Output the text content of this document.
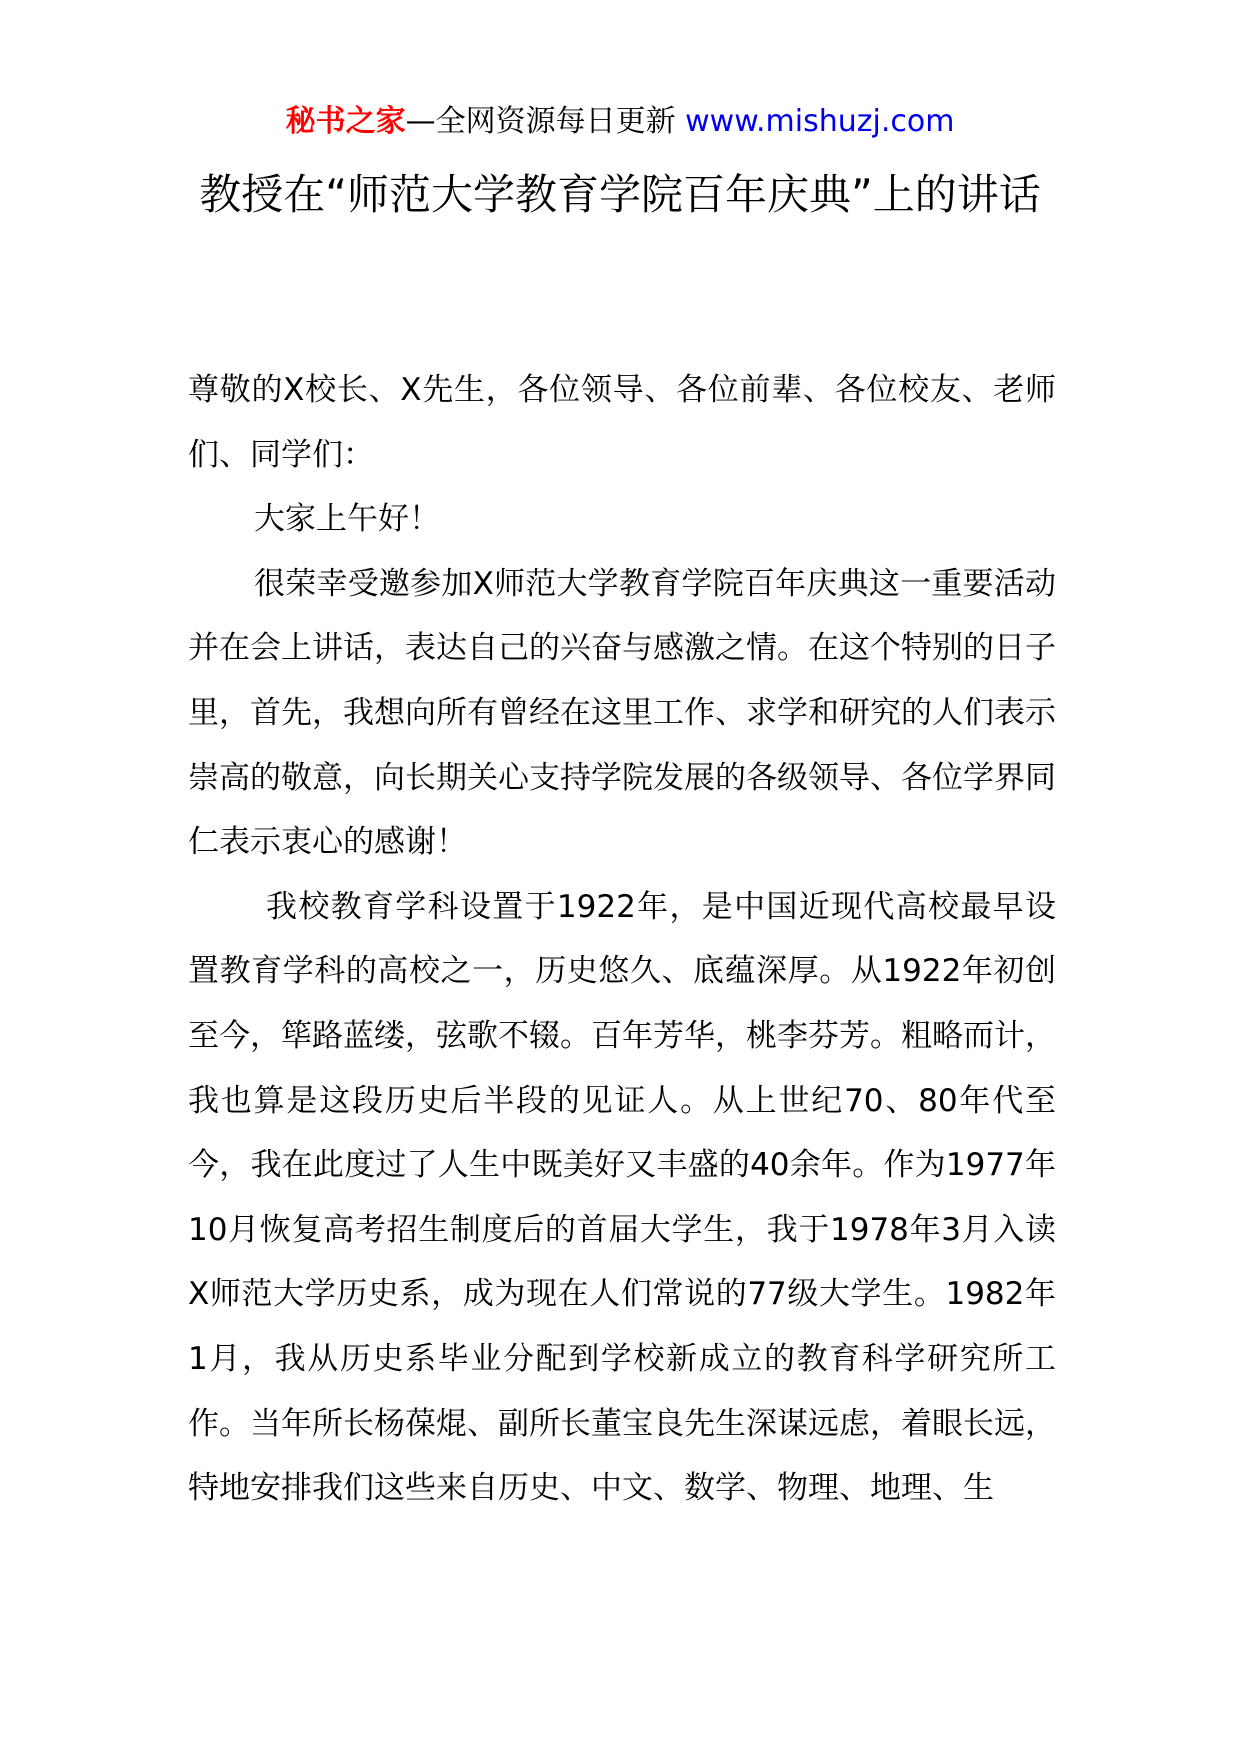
秘书之家—全网资源每日更新 www.mishuzj.com
教授在“师范大学教育学院百年庆典”上的讲话

尊敬的X校长、X先生，各位领导、各位前辈、各位校友、老师们、同学们：

大家上午好！

很荣幸受邀参加X师范大学教育学院百年庆典这一重要活动并在会上讲话，表达自己的兴奋与感激之情。在这个特别的日子里，首先，我想向所有曾经在这里工作、求学和研究的人们表示崇高的敬意，向长期关心支持学院发展的各级领导、各位学界同仁表示衷心的感谢！

我校教育学科设置于1922年，是中国近现代高校最早设置教育学科的高校之一，历史悠久、底蕴深厚。从1922年初创至今，筚路蓝缕，弦歌不辍。百年芳华，桃李芬芳。粗略而计，我也算是这段历史后半段的见证人。从上世纪70、80年代至今，我在此度过了人生中既美好又丰盛的40余年。作为1977年10月恢复高考招生制度后的首届大学生，我于1978年3月入读X师范大学历史系，成为现在人们常说的77级大学生。1982年1月，我从历史系毕业分配到学校新成立的教育科学研究所工作。当年所长杨葆焜、副所长董宝良先生深谋远虑，着眼长远，特地安排我们这些来自历史、中文、数学、物理、地理、生
